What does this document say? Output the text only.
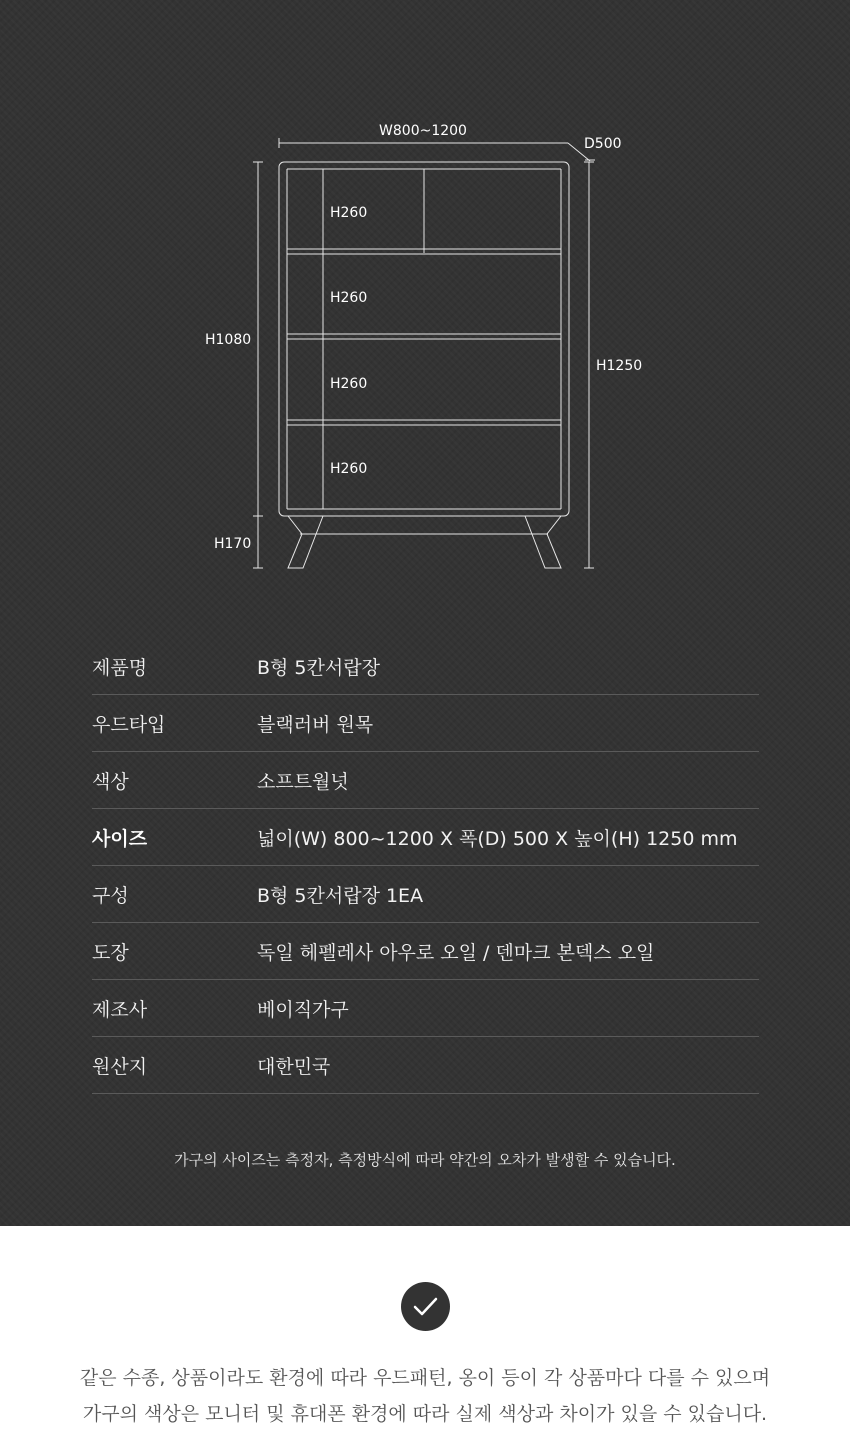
W800~1200
D500
H1080
H1250
H170
H260
H260
H260
H260
제품명	B형 5칸서랍장
우드타입	블랙러버 원목
색상	소프트월넛
사이즈	넓이(W) 800~1200 X 폭(D) 500 X 높이(H) 1250 mm
구성	B형 5칸서랍장 1EA
도장	독일 헤펠레사 아우로 오일 / 덴마크 본덱스 오일
제조사	베이직가구
원산지	대한민국
가구의 사이즈는 측정자, 측정방식에 따라 약간의 오차가 발생할 수 있습니다.
같은 수종, 상품이라도 환경에 따라 우드패턴, 옹이 등이 각 상품마다 다를 수 있으며
가구의 색상은 모니터 및 휴대폰 환경에 따라 실제 색상과 차이가 있을 수 있습니다.
